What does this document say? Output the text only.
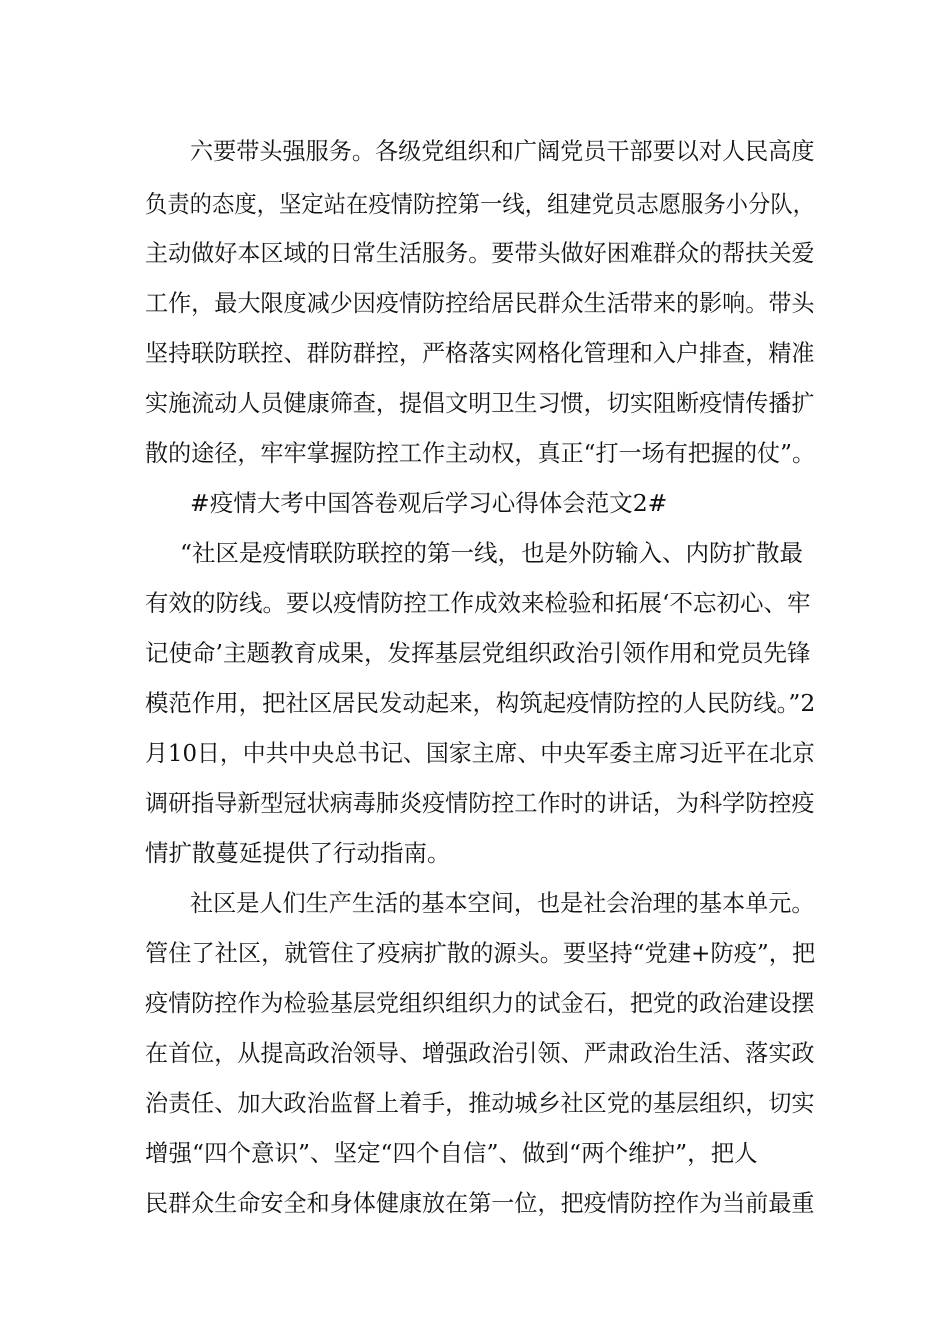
六要带头强服务。各级党组织和广阔党员干部要以对人民高度

负责的态度，坚定站在疫情防控第一线，组建党员志愿服务小分队，

主动做好本区域的日常生活服务。要带头做好困难群众的帮扶关爱

工作，最大限度减少因疫情防控给居民群众生活带来的影响。带头

坚持联防联控、群防群控，严格落实网格化管理和入户排查，精准

实施流动人员健康筛查，提倡文明卫生习惯，切实阻断疫情传播扩

散的途径，牢牢掌握防控工作主动权，真正“打一场有把握的仗”。

#疫情大考中国答卷观后学习心得体会范文2#

“社区是疫情联防联控的第一线，也是外防输入、内防扩散最

有效的防线。要以疫情防控工作成效来检验和拓展‘不忘初心、牢

记使命’主题教育成果，发挥基层党组织政治引领作用和党员先锋

模范作用，把社区居民发动起来，构筑起疫情防控的人民防线。”2

月10日，中共中央总书记、国家主席、中央军委主席习近平在北京

调研指导新型冠状病毒肺炎疫情防控工作时的讲话，为科学防控疫

情扩散蔓延提供了行动指南。

社区是人们生产生活的基本空间，也是社会治理的基本单元。

管住了社区，就管住了疫病扩散的源头。要坚持“党建+防疫”，把

疫情防控作为检验基层党组织组织力的试金石，把党的政治建设摆

在首位，从提高政治领导、增强政治引领、严肃政治生活、落实政

治责任、加大政治监督上着手，推动城乡社区党的基层组织，切实

增强“四个意识”、坚定“四个自信”、做到“两个维护”，把人

民群众生命安全和身体健康放在第一位，把疫情防控作为当前最重
